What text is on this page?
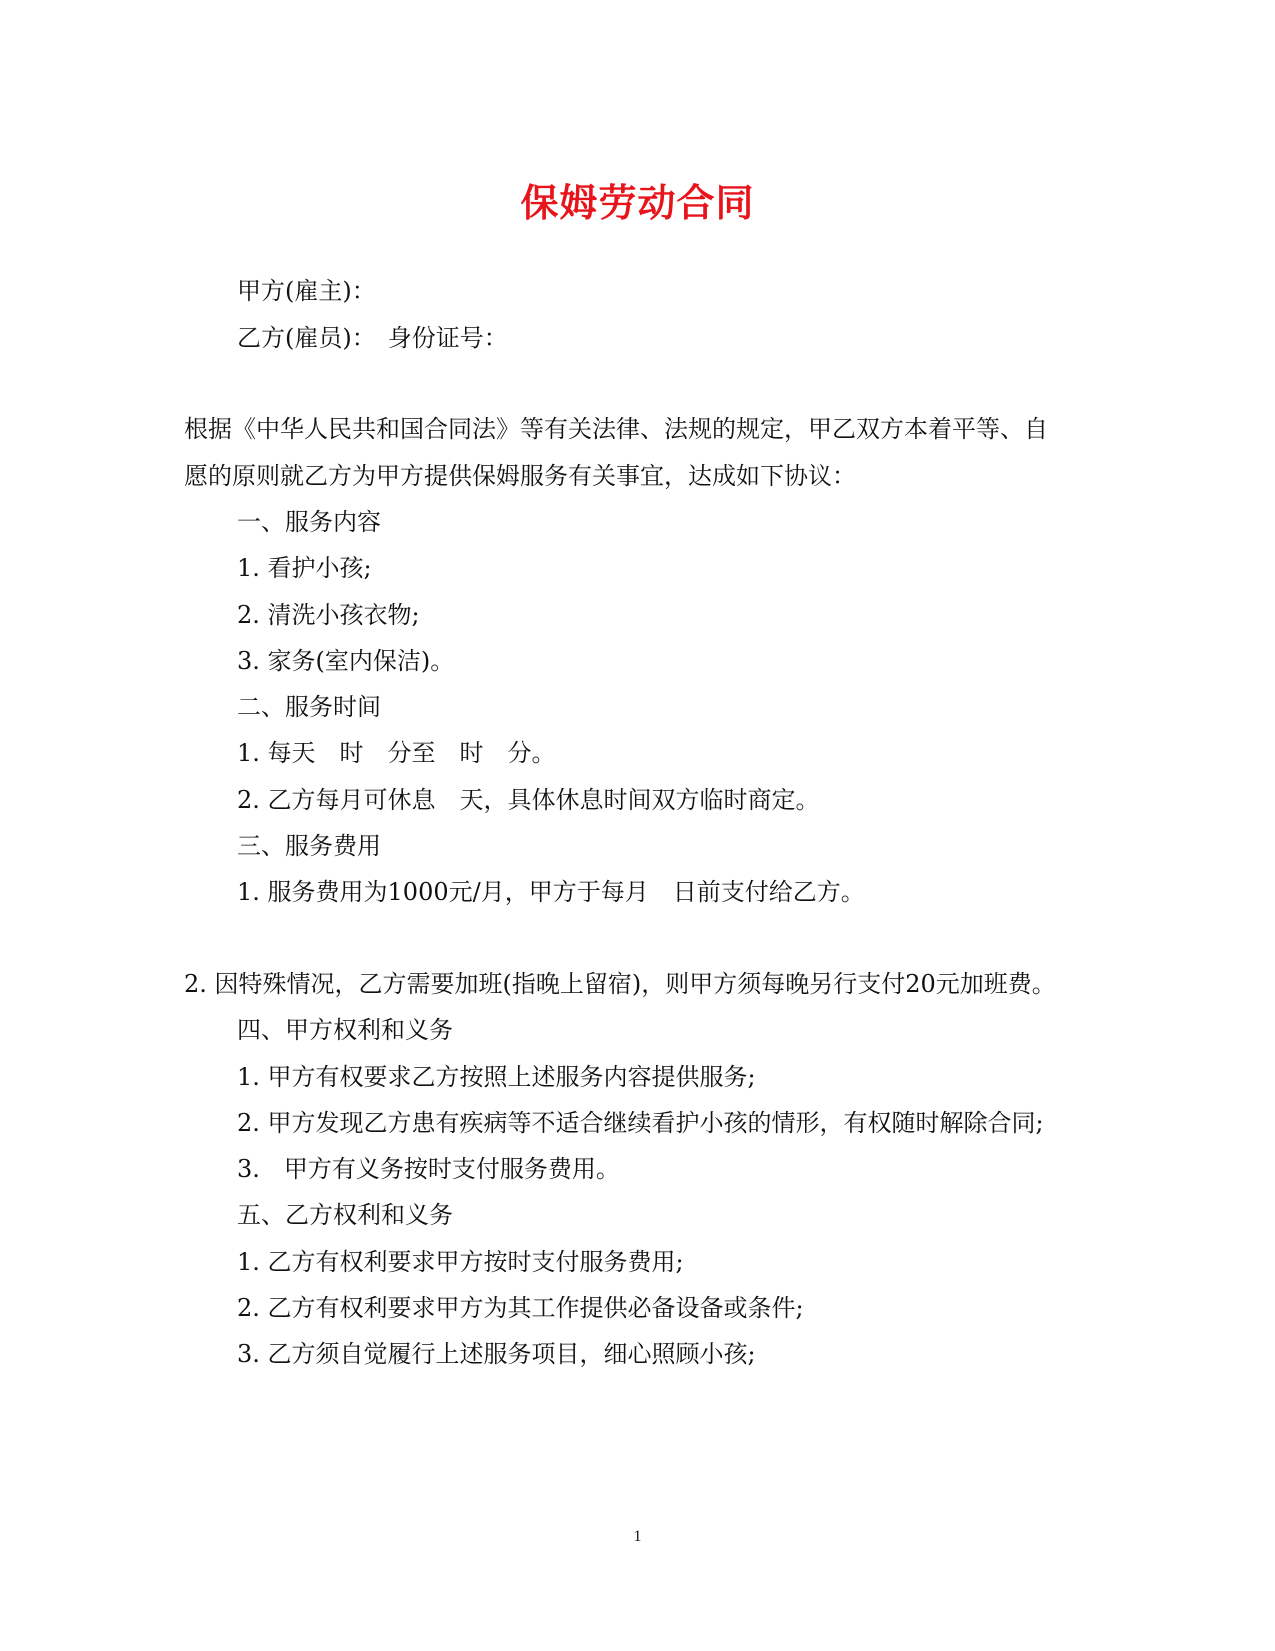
保姆劳动合同
甲方(雇主)：
乙方(雇员)：　身份证号：
根据《中华人民共和国合同法》等有关法律、法规的规定，甲乙双方本着平等、自
愿的原则就乙方为甲方提供保姆服务有关事宜，达成如下协议：
一、服务内容
1. 看护小孩;
2. 清洗小孩衣物;
3. 家务(室内保洁)。
二、服务时间
1. 每天　时　分至　时　分。
2. 乙方每月可休息　天，具体休息时间双方临时商定。
三、服务费用
1. 服务费用为1000元/月，甲方于每月　日前支付给乙方。
2. 因特殊情况，乙方需要加班(指晚上留宿)，则甲方须每晚另行支付20元加班费。
四、甲方权利和义务
1. 甲方有权要求乙方按照上述服务内容提供服务;
2. 甲方发现乙方患有疾病等不适合继续看护小孩的情形，有权随时解除合同;
3.　甲方有义务按时支付服务费用。
五、乙方权利和义务
1. 乙方有权利要求甲方按时支付服务费用;
2. 乙方有权利要求甲方为其工作提供必备设备或条件;
3. 乙方须自觉履行上述服务项目，细心照顾小孩;
1
